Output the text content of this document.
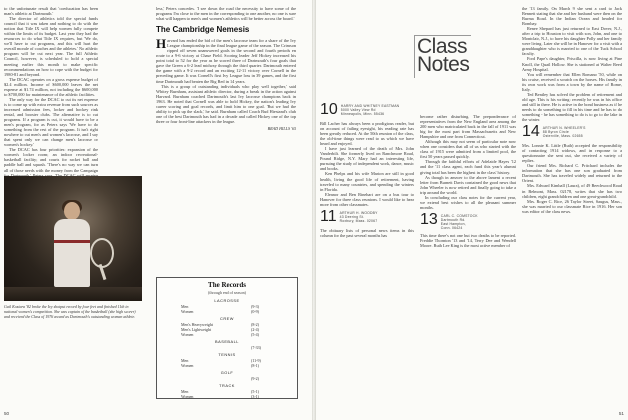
to the unfortunate result that 'coeducation has been man's athletic at Dartmouth.'

The director of athletics told the special funds council that it was taken and nothing to do with the notion that Title IX will help women fully compete within the limits of its budget. Last year they had the resources to do what Title IX requires, but 'We do, we'll have to cut programs, and this will hurt the overall morale of coaches and the athletes.' No athletic program will be cut next year. The full Athletic Council, however, is scheduled to hold a special meeting earlier this month to make specific recommendations on how to cope with the budget for 1980-81 and beyond.

The DCAC operates on a gross expense budget of $2.4 million. Income of $600,000 leaves the net expense at $1.74 million, not including the $600,000 to $700,000 for maintenance of the athletic facilities.

The only way for the DCAC to cut its net expense is to come up with extra revenue from such sources as increased admission fees, locker and hockey rink rental, and booster clubs. The alternative is to cut programs. If a program is cut, it would have to be a men's program, for as Peters says 'We have to do something from the rest of the program. It isn't right nowhere to cut men's and women's lacrosse, and I say that spent only we can change men's lacrosse or women's hockey.'

The DCAC has four priorities: expansion of the women's locker room; an indoor recreational-basketball facility; and courts for racket ball and paddle ball and squash. 'There's no way we can turn all of those needs with the money from the Campaign

Gail Koziara '82 broke the Ivy shotput record by four feet and finished 11th in national women's competition. She was captain of the basketball (she high scorer) and received the Class of 1976 award as Dartmouth's outstanding woman athlete.

less,' Peters concedes. 'I see down the road the necessity to have some of the programs I'm close to the men in the corresponding to one another, no one is sure what will happen to men's and women's athletics will be better across the board.'

The Cambridge Nemesis

Harvard has ended the bid of the men's lacrosse team for a share of the Ivy League championship in the final league game of the season. The Crimson ripped off seven unanswered goals in the second and fourth periods en route to a 9-6 victory at Chase Field. Scoring leader Jeff Hickey increased his point total to 52 for the year as he scored three of Dartmouth's four goals that gave the Green a 6-2 lead midway through the third quarter. Dartmouth entered the game with a 9-2 record and an exciting 12-11 victory over Cornell in the preceding game. It was Cornell's first Ivy League loss in 39 games, and the first time Dartmouth had beaten the Big Red in 14 years.

This is a group of outstanding individuals who play well together,' said Whitey Burnham, assistant athletic director, during a break in the action against Harvard. Burnham coached Dartmouth's last Ivy lacrosse champions back in 1963. He noted that Cornell was able to hold Hickey, the nation's leading Ivy career scoring and goal records, and limit him to one goal. 'But we had the ability to pick up the slack,' he said. Burnham called Coach Bud Hiestand's club one of the best Dartmouth has had in a decade and called Hickey one of the top three or four front-line attackers in the league.

BRAD HILLS '65
The Records
(through end of season)
LACROSSE
Men	(9-3)
Women	(0-9)
CREW
Men's Heavyweight	(8-2)
Men's Lightweight	(2-4)
Women	(5-4)
BASEBALL
(7-33)
TENNIS
Men	(11-9)
Women	(8-1)
GOLF
(9-2)
TRACK
Men	(5-1)
Women	(3-1)
50

the '13 family. On March 9 she sent a card to Jack Bennett stating that she and her husband were then on the Burma Road. In the Indian Ocean and headed for Bombay.

Renee Shepard has just returned to East Dover, N.J., after a trip to Houston to visit with son, John, and one to Montclair, N.J., to have his daughter Polly and her family were living. Later she will be in Hanover for a visit with a granddaughter who is married to one of the Tuck School faculty.

Ford Pape's daughter, Priscilla, is now living at Pine Knoll, the Quail Hollow. She is stationed at Walter Reed Army Hospital.

You will remember that Ellen Romano '50, while on his cruise, received a scratch on the horses. His family in its own work was from a town by the name of Rome, Italy.

Ted Bentley has solved the problem of retirement and old age. This is his writing: recently he was in his office and still in there. He is active in the bond business as if he needs to do something to fill in his time and he has to do something - he has something to do is to go to the lake in the winter.

14 ARTHUR N. WHEELER'S
88 Byron Circle
Osterville, Mass. 02655

Mrs. Lonnie K. Little (Ruth) accepted the responsibility of contacting 1914 widows, and in response to a questionnaire she sent out, she received a variety of replies.

Our friend Mrs. Richard C. Pritchard includes the information that she has one son graduated from Dartmouth. She has traveled widely and returned to the Orient.

Mrs. Edward Kimball (Laura), of 49 Beechwood Road in Belmont, Mass. 02178, writes that she has two children, eight grandchildren and one great-grandchild.

Mrs. Roger C. Rice, 26 Taylor Street, Saugus, Mass., she was married to our classmate Rice in 1916. Her son was editor of the class news.

Class
Notes
10 HARRY AND WHITNEY EASTMAN
5000 Valley View Rd
Minneapolis, Minn. 55436

Bill Lacher has always been a prodigious reader, but on account of failing eyesight, his reading rate has been greatly reduced. At the 50th reunion of the class, the old-time things were read to us which we have heard and enjoyed.

I have just learned of the death of Mrs. John Vanderbilt. She formerly lived on Ranchmore Road, Pound Ridge, N.Y. Mary had an interesting life, pursuing the study of independent work, dance, music and books.

Ken Phelps and his wife Marion are still in good health, living the good life of retirement, having traveled to many countries, and spending the winters in Florida.

Eleanor and Ben Rinehart are on a bus tour to Hanover for three class reunions. I would like to hear more from other classmates.

11 ARTHUR H. WOODBY
43 Deering St.
Roxbury, Mass. 02067

The obituary lists of personal news items in this column for the past several months has

become rather disturbing. The preponderance of representatives from the New England area among the 200 men who matriculated back in the fall of 1911 was big for the most part from Massachusetts and New Hampshire and one from Connecticut.

Although this may not seem of particular note now when one considers that all of us who started with the class of 1915 were admitted from a limited pool, the first 50 years passed quickly.

Through the faithful efforts of Adelaide Hayes '12 and the '11 class agent, each fund this year's alumni giving total has been the highest in the class' history.

As though in answer to the above lament a recent letter from Burnett Davis contained the good news that John Wheeler is now retired and finally going to take a trip around the world.

In concluding our class notes for the current year, we extend best wishes to all the pleasant summer months.

13 CARL C. COMSTOCK
Dartmouth Rd.
East Hampton,
Conn. 06424

This time there's not one but two deaths to be reported. Freddie Thornton '13 and '14, Terry Dee and Wendell Moore. Ruth Lee King is the most active member of

51
